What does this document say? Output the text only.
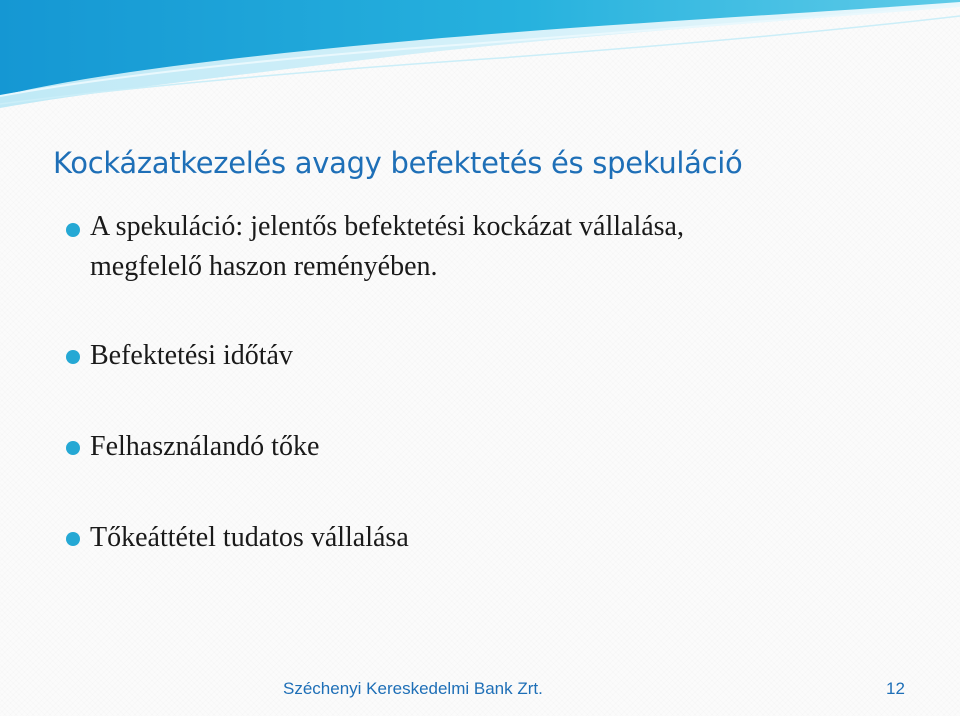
Kockázatkezelés avagy befektetés és spekuláció
A spekuláció: jelentős befektetési kockázat vállalása,
megfelelő haszon reményében.
Befektetési időtáv
Felhasználandó tőke
Tőkeáttétel tudatos vállalása
Széchenyi Kereskedelmi Bank Zrt.	12
